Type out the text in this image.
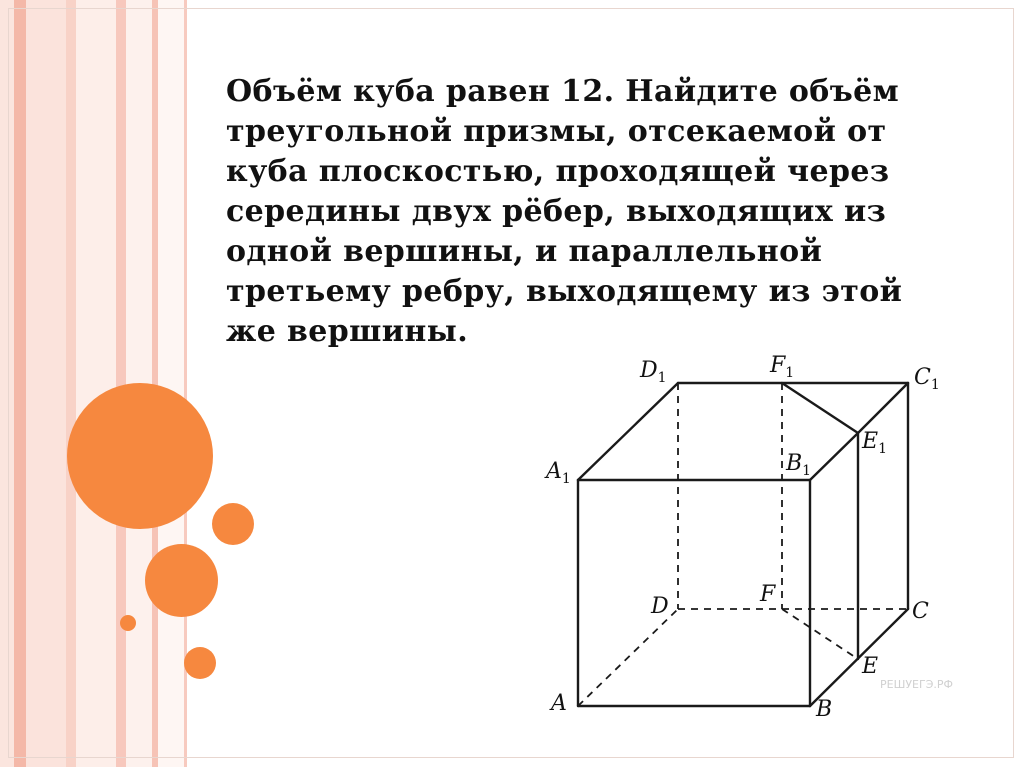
Объём куба равен 12. Найдите объём треугольной призмы, отсекаемой от куба плоскостью, проходящей через середины двух рёбер, выходящих из одной вершины, и параллельной третьему ребру, выходящему из этой же вершины.
$D_1$	$F_1$	$C_1$
$E_1$
$B_1$
$A_1$
D	F
C
E
A	B
РЕШУЕГЭ.РФ
